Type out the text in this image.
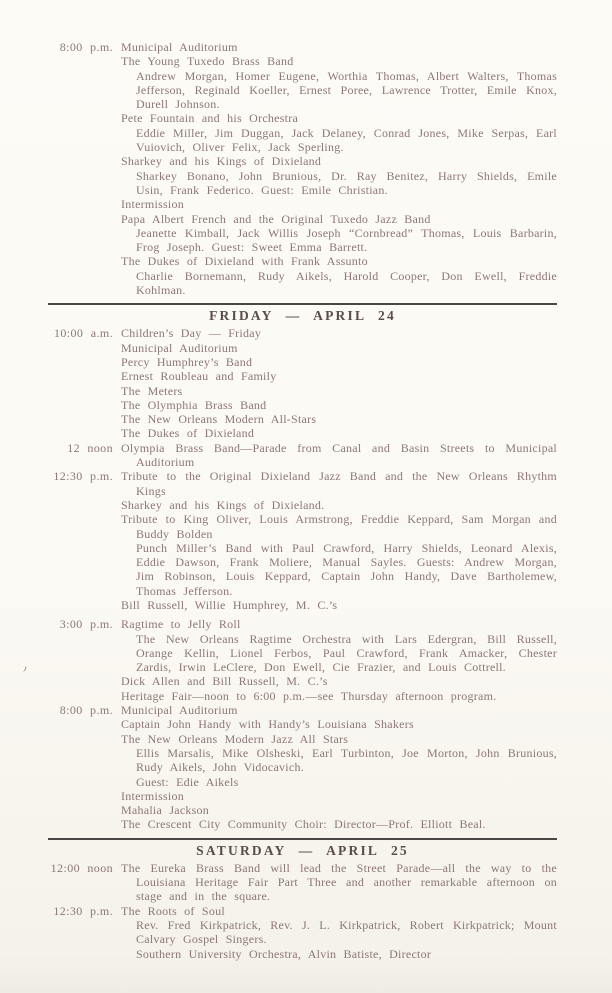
8:00 p.m. Municipal Auditorium

The Young Tuxedo Brass Band

Andrew Morgan, Homer Eugene, Worthia Thomas, Albert Walters, Thomas Jefferson, Reginald Koeller, Ernest Poree, Lawrence Trotter, Emile Knox, Durell Johnson.

Pete Fountain and his Orchestra

Eddie Miller, Jim Duggan, Jack Delaney, Conrad Jones, Mike Serpas, Earl Vuiovich, Oliver Felix, Jack Sperling.

Sharkey and his Kings of Dixieland

Sharkey Bonano, John Brunious, Dr. Ray Benitez, Harry Shields, Emile Usin, Frank Federico. Guest: Emile Christian.

Intermission

Papa Albert French and the Original Tuxedo Jazz Band

Jeanette Kimball, Jack Willis Joseph “Cornbread” Thomas, Louis Barbarin, Frog Joseph. Guest: Sweet Emma Barrett.

The Dukes of Dixieland with Frank Assunto

Charlie Bornemann, Rudy Aikels, Harold Cooper, Don Ewell, Freddie Kohlman.

FRIDAY — APRIL 24
10:00 a.m. Children’s Day — Friday

Municipal Auditorium

Percy Humphrey’s Band

Ernest Roubleau and Family

The Meters

The Olymphia Brass Band

The New Orleans Modern All-Stars

The Dukes of Dixieland

12 noon Olympia Brass Band—Parade from Canal and Basin Streets to Municipal Auditorium

12:30 p.m. Tribute to the Original Dixieland Jazz Band and the New Orleans Rhythm Kings

Sharkey and his Kings of Dixieland.

Tribute to King Oliver, Louis Armstrong, Freddie Keppard, Sam Morgan and Buddy Bolden

Punch Miller’s Band with Paul Crawford, Harry Shields, Leonard Alexis, Eddie Dawson, Frank Moliere, Manual Sayles. Guests: Andrew Morgan, Jim Robinson, Louis Keppard, Captain John Handy, Dave Bartholemew, Thomas Jefferson.

Bill Russell, Willie Humphrey, M. C.’s

3:00 p.m. Ragtime to Jelly Roll

The New Orleans Ragtime Orchestra with Lars Edergran, Bill Russell, Orange Kellin, Lionel Ferbos, Paul Crawford, Frank Amacker, Chester Zardis, Irwin LeClere, Don Ewell, Cie Frazier, and Louis Cottrell.

Dick Allen and Bill Russell, M. C.’s

Heritage Fair—noon to 6:00 p.m.—see Thursday afternoon program.

8:00 p.m. Municipal Auditorium

Captain John Handy with Handy’s Louisiana Shakers

The New Orleans Modern Jazz All Stars

Ellis Marsalis, Mike Olsheski, Earl Turbinton, Joe Morton, John Brunious, Rudy Aikels, John Vidocavich.

Guest: Edie Aikels

Intermission

Mahalia Jackson

The Crescent City Community Choir: Director—Prof. Elliott Beal.

SATURDAY — APRIL 25
12:00 noon The Eureka Brass Band will lead the Street Parade—all the way to the Louisiana Heritage Fair Part Three and another remarkable afternoon on stage and in the square.

12:30 p.m. The Roots of Soul

Rev. Fred Kirkpatrick, Rev. J. L. Kirkpatrick, Robert Kirkpatrick; Mount Calvary Gospel Singers.

Southern University Orchestra, Alvin Batiste, Director
